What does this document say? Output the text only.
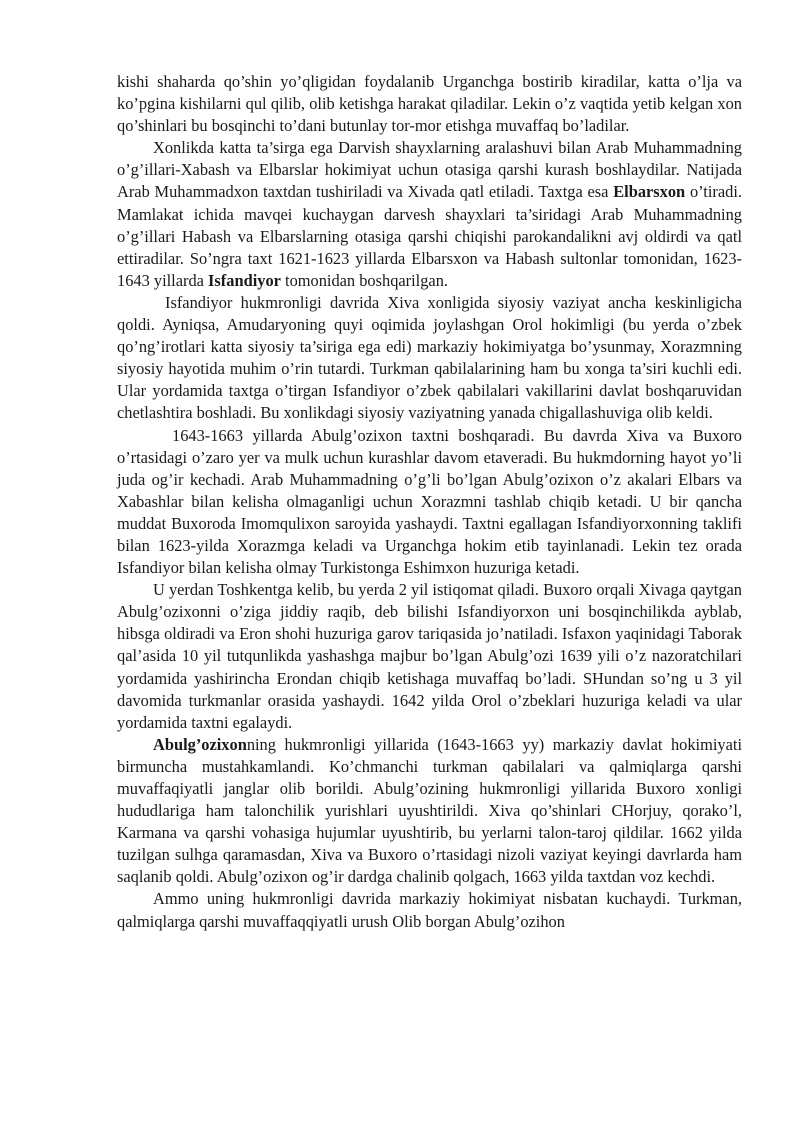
kishi shaharda qo’shin yo’qligidan foydalanib Urganchga bostirib kiradilar, katta o’lja va ko’pgina kishilarni qul qilib, olib ketishga harakat qiladilar. Lekin o’z vaqtida yetib kelgan xon qo’shinlari bu bosqinchi to’dani butunlay tor-mor etishga muvaffaq bo’ladilar.

Xonlikda katta ta’sirga ega Darvish shayxlarning aralashuvi bilan Arab Muhammadning o’g’illari-Xabash va Elbarslar hokimiyat uchun otasiga qarshi kurash boshlaydilar. Natijada Arab Muhammadxon taxtdan tushiriladi va Xivada qatl etiladi. Taxtga esa Elbarsxon o’tiradi. Mamlakat ichida mavqei kuchaygan darvesh shayxlari ta’siridagi Arab Muhammadning o’g’illari Habash va Elbarslarning otasiga qarshi chiqishi parokandalikni avj oldirdi va qatl ettiradilar. So’ngra taxt 1621-1623 yillarda Elbarsxon va Habash sultonlar tomonidan, 1623-1643 yillarda Isfandiyor tomonidan boshqarilgan.

Isfandiyor hukmronligi davrida Xiva xonligida siyosiy vaziyat ancha keskinligicha qoldi. Ayniqsa, Amudaryoning quyi oqimida joylashgan Orol hokimligi (bu yerda o’zbek qo’ng’irotlari katta siyosiy ta’siriga ega edi) markaziy hokimiyatga bo’ysunmay, Xorazmning siyosiy hayotida muhim o’rin tutardi. Turkman qabilalarining ham bu xonga ta’siri kuchli edi. Ular yordamida taxtga o’tirgan Isfandiyor o’zbek qabilalari vakillarini davlat boshqaruvidan chetlashtira boshladi. Bu xonlikdagi siyosiy vaziyatning yanada chigallashuviga olib keldi.

1643-1663 yillarda Abulg’ozixon taxtni boshqaradi. Bu davrda Xiva va Buxoro o’rtasidagi o’zaro yer va mulk uchun kurashlar davom etaveradi. Bu hukmdorning hayot yo’li juda og’ir kechadi. Arab Muhammadning o’g’li bo’lgan Abulg’ozixon o’z akalari Elbars va Xabashlar bilan kelisha olmaganligi uchun Xorazmni tashlab chiqib ketadi. U bir qancha muddat Buxoroda Imomqulixon saroyida yashaydi. Taxtni egallagan Isfandiyorxonning taklifi bilan 1623-yilda Xorazmga keladi va Urganchga hokim etib tayinlanadi. Lekin tez orada Isfandiyor bilan kelisha olmay Turkistonga Eshimxon huzuriga ketadi.

U yerdan Toshkentga kelib, bu yerda 2 yil istiqomat qiladi. Buxoro orqali Xivaga qaytgan Abulg’ozixonni o’ziga jiddiy raqib, deb bilishi Isfandiyorxon uni bosqinchilikda ayblab, hibsga oldiradi va Eron shohi huzuriga garov tariqasida jo’natiladi. Isfaxon yaqinidagi Taborak qal’asida 10 yil tutqunlikda yashashga majbur bo’lgan Abulg’ozi 1639 yili o’z nazoratchilari yordamida yashirincha Erondan chiqib ketishaga muvaffaq bo’ladi. SHundan so’ng u 3 yil davomida turkmanlar orasida yashaydi. 1642 yilda Orol o’zbeklari huzuriga keladi va ular yordamida taxtni egalaydi.

Abulg’ozixonning hukmronligi yillarida (1643-1663 yy) markaziy davlat hokimiyati birmuncha mustahkamlandi. Ko’chmanchi turkman qabilalari va qalmiqlarga qarshi muvaffaqiyatli janglar olib borildi. Abulg’ozining hukmronligi yillarida Buxoro xonligi hududlariga ham talonchilik yurishlari uyushtirildi. Xiva qo’shinlari CHorjuy, qorako’l, Karmana va qarshi vohasiga hujumlar uyushtirib, bu yerlarni talon-taroj qildilar. 1662 yilda tuzilgan sulhga qaramasdan, Xiva va Buxoro o’rtasidagi nizoli vaziyat keyingi davrlarda ham saqlanib qoldi. Abulg’ozixon og’ir dardga chalinib qolgach, 1663 yilda taxtdan voz kechdi.

Ammo uning hukmronligi davrida markaziy hokimiyat nisbatan kuchaydi. Turkman, qalmiqlarga qarshi muvaffaqqiyatli urush Olib borgan Abulg’ozihon
